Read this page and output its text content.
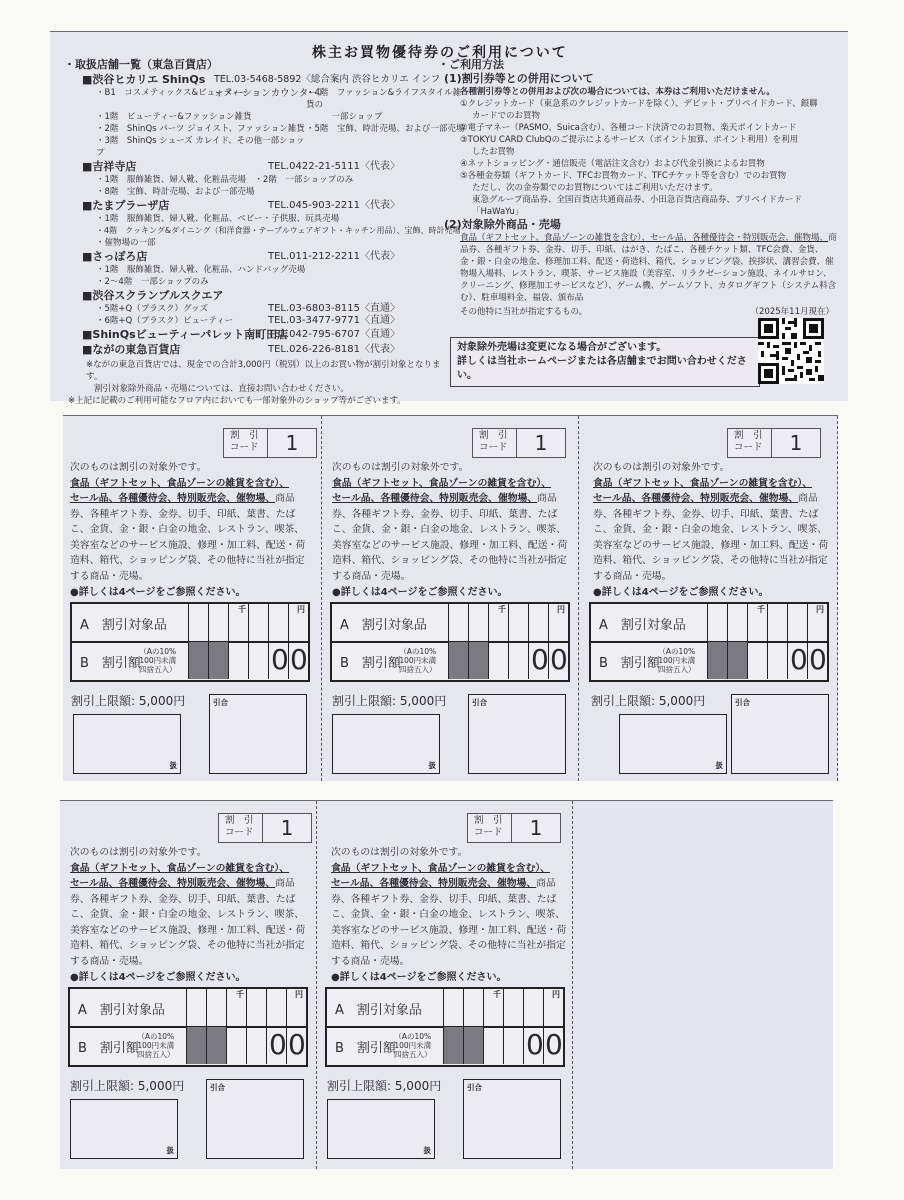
株主お買物優待券のご利用について
・取扱店舗一覧（東急百貨店）
■渋谷ヒカリエ ShinQs TEL.03-5468-5892〈総合案内 渋谷ヒカリエ インフォメーションカウンター〉
・B1　コスメティックス&ビューティー	・4階　ファッション&ライフスタイル雑貨の
・1階　ビューティー&ファッション雑貨	　　　一部ショップ
・2階　ShinQs パーツ ジョイスト、ファッション雑貨 ・5階　宝飾、時計売場、および一部売場
・3階　ShinQs シューズ カレイド、その他一部ショップ
■吉祥寺店	TEL.0422-21-5111〈代表〉
・1階　服飾雑貨、婦人靴、化粧品売場　・2階　一部ショップのみ
・8階　宝飾、時計売場、および一部売場
■たまプラーザ店	TEL.045-903-2211〈代表〉
・1階　服飾雑貨、婦人靴、化粧品、ベビー・子供服、玩具売場
・4階　クッキング&ダイニング（和洋食器・テーブルウェアギフト・キッチン用品）、宝飾、時計売場
・催物場の一部
■さっぽろ店	TEL.011-212-2211〈代表〉
・1階　服飾雑貨、婦人靴、化粧品、ハンドバッグ売場
・2～4階　一部ショップのみ
■渋谷スクランブルスクエア
・5階+Q（プラスク）グッズ	TEL.03-6803-8115〈直通〉
・6階+Q（プラスク）ビューティー	TEL.03-3477-9771〈直通〉
■ShinQsビューティーパレット南町田店
TEL.042-795-6707〈直通〉
■ながの東急百貨店	TEL.026-226-8181〈代表〉
※ながの東急百貨店では、現金での合計3,000円（税別）以上のお買い物が割引対象となります。
割引対象除外商品・売場については、直接お問い合わせください。
※上記に記載のご利用可能なフロア内においても一部対象外のショップ等がございます。
・ご利用方法
(1)割引券等との併用について
各種割引券等との併用および次の場合については、本券はご利用いただけません。
①クレジットカード（東急系のクレジットカードを除く）、デビット・プリペイドカード、銀聯
カードでのお買物
②電子マネー（PASMO、Suica含む）、各種コード決済でのお買物、楽天ポイントカード
③TOKYU CARD ClubQのご提示によるサービス（ポイント加算、ポイント利用）を利用
したお買物
④ネットショッピング・通信販売（電話注文含む）および代金引換によるお買物
⑤各種金券類（ギフトカード、TFCお買物カード、TFCチケット等を含む）でのお買物
ただし、次の金券類でのお買物についてはご利用いただけます。
東急グループ商品券、全国百貨店共通商品券、小田急百貨店商品券、プリペイドカード
「HaWaYu」
(2)対象除外商品・売場
食品（ギフトセット、食品ゾーンの雑貨を含む）、セール品、各種優待会・特別販売会、催物場、商品券、各種ギフト券、金券、切手、印紙、はがき、たばこ、各種チケット類、TFC会費、金貨、金・銀・白金の地金、修理加工料、配送・荷造料、箱代、ショッピング袋、挨拶状、講習会費、催物場入場料、レストラン、喫茶、サービス施設（美容室、リラクゼーション施設、ネイルサロン、クリーニング、修理加工サービスなど）、ゲーム機、ゲームソフト、カタログギフト（システム料含む）、駐車場料金、福袋、頒布品
その他特に当社が指定するもの。	（2025年11月現在）
対象除外売場は変更になる場合がございます。
詳しくは当社ホームページまたは各店舗までお問い合わせください。
割　引
コード	1
次のものは割引の対象外です。
食品（ギフトセット、食品ゾーンの雑貨を含む）、
セール品、各種優待会、特別販売会、催物場、商品券、各種ギフト券、金券、切手、印紙、葉書、たばこ、金貨、金・銀・白金の地金、レストラン、喫茶、美容室などのサービス施設、修理・加工料、配送・荷造料、箱代、ショッピング袋、その他特に当社が指定する商品・売場。
●詳しくは4ページをご参照ください。
A　割引対象品
千	円
B　割引額
（Aの10%
100円未満
四捨五入）	0 0
割引上限額: 5,000円
扱
引合
割　引
コード	1
次のものは割引の対象外です。
食品（ギフトセット、食品ゾーンの雑貨を含む）、
セール品、各種優待会、特別販売会、催物場、商品券、各種ギフト券、金券、切手、印紙、葉書、たばこ、金貨、金・銀・白金の地金、レストラン、喫茶、美容室などのサービス施設、修理・加工料、配送・荷造料、箱代、ショッピング袋、その他特に当社が指定する商品・売場。
●詳しくは4ページをご参照ください。
A　割引対象品
千	円
B　割引額
（Aの10%
100円未満
四捨五入）	0 0
割引上限額: 5,000円
扱
引合
割　引
コード	1
次のものは割引の対象外です。
食品（ギフトセット、食品ゾーンの雑貨を含む）、
セール品、各種優待会、特別販売会、催物場、商品券、各種ギフト券、金券、切手、印紙、葉書、たばこ、金貨、金・銀・白金の地金、レストラン、喫茶、美容室などのサービス施設、修理・加工料、配送・荷造料、箱代、ショッピング袋、その他特に当社が指定する商品・売場。
●詳しくは4ページをご参照ください。
A　割引対象品
千	円
B　割引額
（Aの10%
100円未満
四捨五入）	0 0
割引上限額: 5,000円
扱
引合
割　引
コード	1
次のものは割引の対象外です。
食品（ギフトセット、食品ゾーンの雑貨を含む）、
セール品、各種優待会、特別販売会、催物場、商品券、各種ギフト券、金券、切手、印紙、葉書、たばこ、金貨、金・銀・白金の地金、レストラン、喫茶、美容室などのサービス施設、修理・加工料、配送・荷造料、箱代、ショッピング袋、その他特に当社が指定する商品・売場。
●詳しくは4ページをご参照ください。
A　割引対象品
千	円
B　割引額
（Aの10%
100円未満
四捨五入）	0 0
割引上限額: 5,000円
扱
引合
割　引
コード	1
次のものは割引の対象外です。
食品（ギフトセット、食品ゾーンの雑貨を含む）、
セール品、各種優待会、特別販売会、催物場、商品券、各種ギフト券、金券、切手、印紙、葉書、たばこ、金貨、金・銀・白金の地金、レストラン、喫茶、美容室などのサービス施設、修理・加工料、配送・荷造料、箱代、ショッピング袋、その他特に当社が指定する商品・売場。
●詳しくは4ページをご参照ください。
A　割引対象品
千	円
B　割引額
（Aの10%
100円未満
四捨五入）	0 0
割引上限額: 5,000円
扱
引合
